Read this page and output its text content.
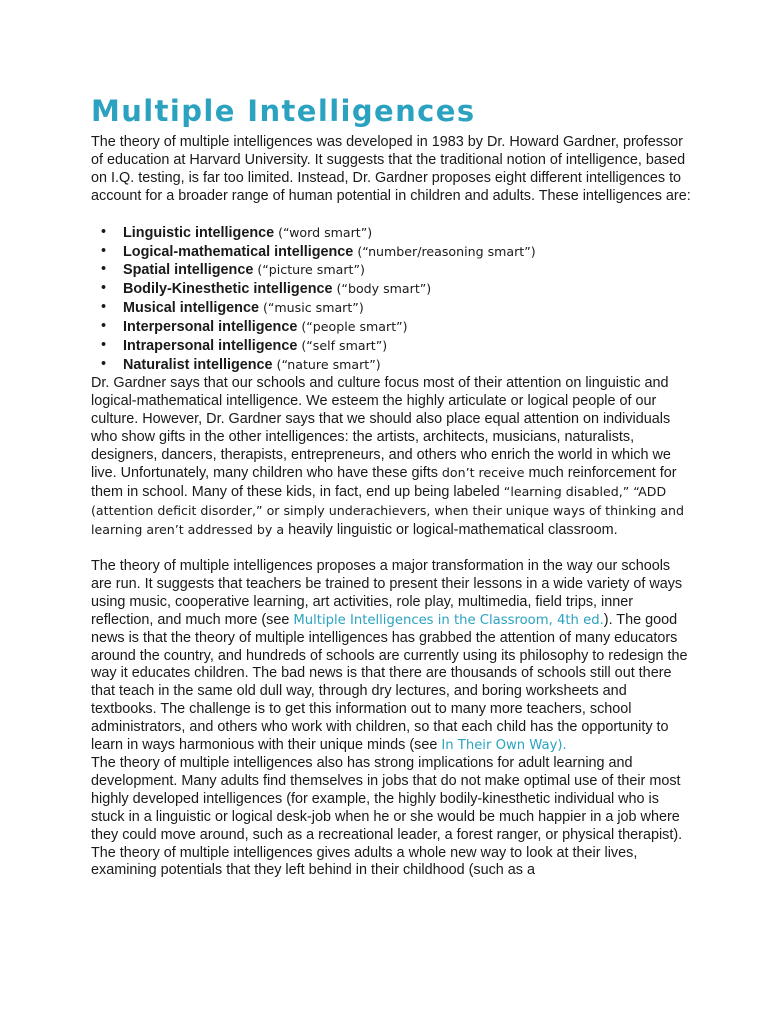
Multiple Intelligences

The theory of multiple intelligences was developed in 1983 by Dr. Howard Gardner, professor of education at Harvard University. It suggests that the traditional notion of intelligence, based on I.Q. testing, is far too limited. Instead, Dr. Gardner proposes eight different intelligences to account for a broader range of human potential in children and adults. These intelligences are:

• Linguistic intelligence (“word smart”)
• Logical-mathematical intelligence (“number/reasoning smart”)
• Spatial intelligence (“picture smart”)
• Bodily-Kinesthetic intelligence (“body smart”)
• Musical intelligence (“music smart”)
• Interpersonal intelligence (“people smart”)
• Intrapersonal intelligence (“self smart”)
• Naturalist intelligence (“nature smart”)

Dr. Gardner says that our schools and culture focus most of their attention on linguistic and logical-mathematical intelligence. We esteem the highly articulate or logical people of our culture. However, Dr. Gardner says that we should also place equal attention on individuals who show gifts in the other intelligences: the artists, architects, musicians, naturalists, designers, dancers, therapists, entrepreneurs, and others who enrich the world in which we live. Unfortunately, many children who have these gifts don’t receive much reinforcement for them in school. Many of these kids, in fact, end up being labeled “learning disabled,” “ADD (attention deficit disorder,” or simply underachievers, when their unique ways of thinking and learning aren’t addressed by a heavily linguistic or logical-mathematical classroom.

The theory of multiple intelligences proposes a major transformation in the way our schools are run. It suggests that teachers be trained to present their lessons in a wide variety of ways using music, cooperative learning, art activities, role play, multimedia, field trips, inner reflection, and much more (see Multiple Intelligences in the Classroom, 4th ed.). The good news is that the theory of multiple intelligences has grabbed the attention of many educators around the country, and hundreds of schools are currently using its philosophy to redesign the way it educates children. The bad news is that there are thousands of schools still out there that teach in the same old dull way, through dry lectures, and boring worksheets and textbooks. The challenge is to get this information out to many more teachers, school administrators, and others who work with children, so that each child has the opportunity to learn in ways harmonious with their unique minds (see In Their Own Way).

The theory of multiple intelligences also has strong implications for adult learning and development. Many adults find themselves in jobs that do not make optimal use of their most highly developed intelligences (for example, the highly bodily-kinesthetic individual who is stuck in a linguistic or logical desk-job when he or she would be much happier in a job where they could move around, such as a recreational leader, a forest ranger, or physical therapist). The theory of multiple intelligences gives adults a whole new way to look at their lives, examining potentials that they left behind in their childhood (such as a
